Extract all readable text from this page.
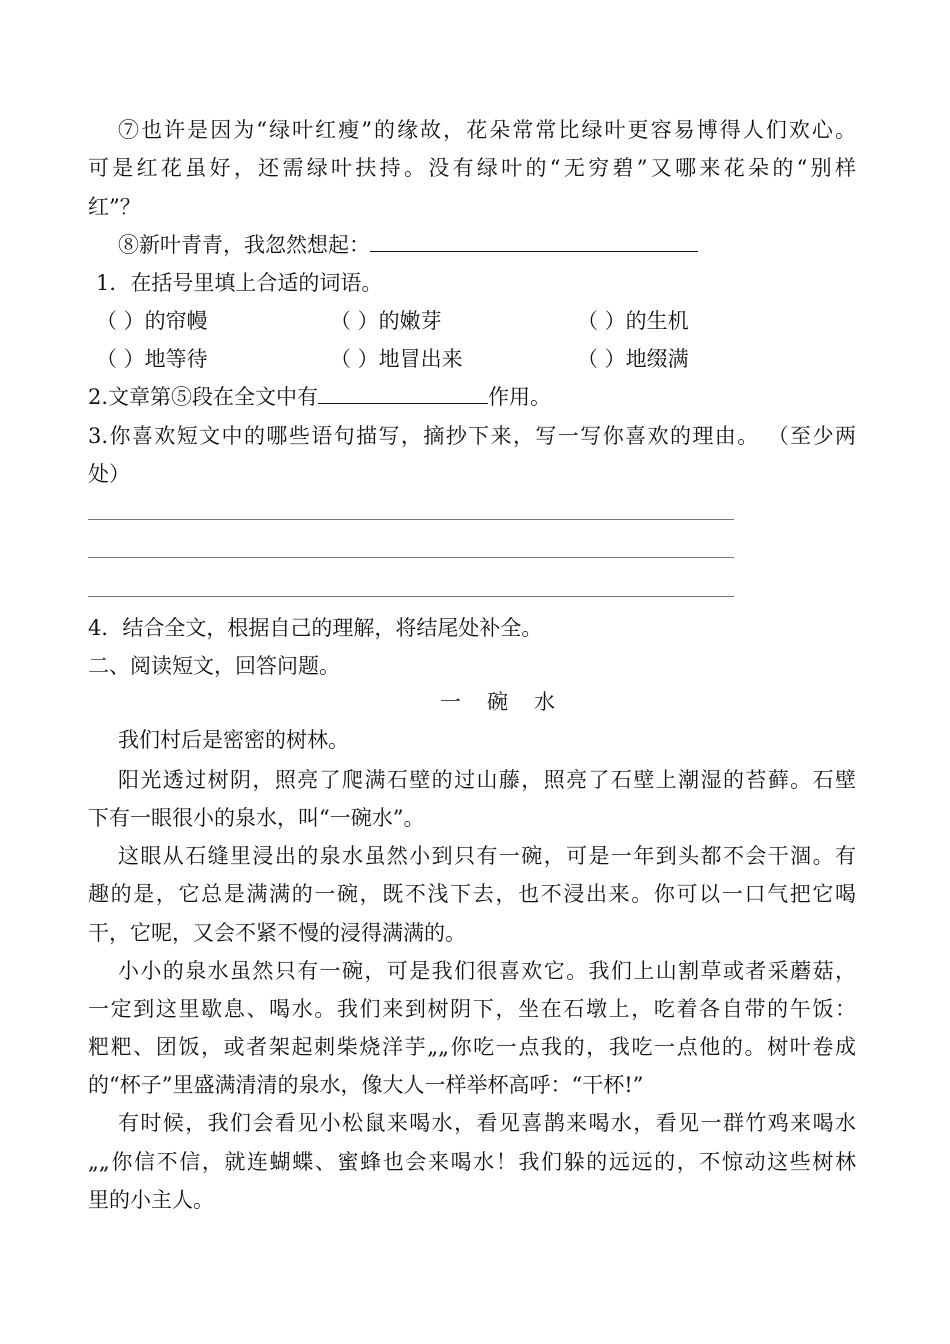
⑦也许是因为“绿叶红瘦”的缘故，花朵常常比绿叶更容易博得人们欢心。
可是红花虽好，还需绿叶扶持。没有绿叶的“无穷碧”又哪来花朵的“别样
红”？
⑧新叶青青，我忽然想起：
1．在括号里填上合适的词语。
（ ）的帘幔	（ ）的嫩芽	（ ）的生机
（ ）地等待	（ ）地冒出来	（ ）地缀满
2.文章第⑤段在全文中有	作用。
3.你喜欢短文中的哪些语句描写，摘抄下来，写一写你喜欢的理由。 （至少两
处）
4．结合全文，根据自己的理解，将结尾处补全。
二、阅读短文，回答问题。
一碗水
我们村后是密密的树林。
阳光透过树阴，照亮了爬满石壁的过山藤，照亮了石壁上潮湿的苔藓。石壁
下有一眼很小的泉水，叫“一碗水”。
这眼从石缝里浸出的泉水虽然小到只有一碗，可是一年到头都不会干涸。有
趣的是，它总是满满的一碗，既不浅下去，也不浸出来。你可以一口气把它喝
干，它呢，又会不紧不慢的浸得满满的。
小小的泉水虽然只有一碗，可是我们很喜欢它。我们上山割草或者采蘑菇，
一定到这里歇息、喝水。我们来到树阴下，坐在石墩上，吃着各自带的午饭：
粑粑、团饭，或者架起刺柴烧洋芋„„你吃一点我的，我吃一点他的。树叶卷成
的“杯子”里盛满清清的泉水，像大人一样举杯高呼：“干杯!”
有时候，我们会看见小松鼠来喝水，看见喜鹊来喝水，看见一群竹鸡来喝水
„„你信不信，就连蝴蝶、蜜蜂也会来喝水！我们躲的远远的，不惊动这些树林
里的小主人。
